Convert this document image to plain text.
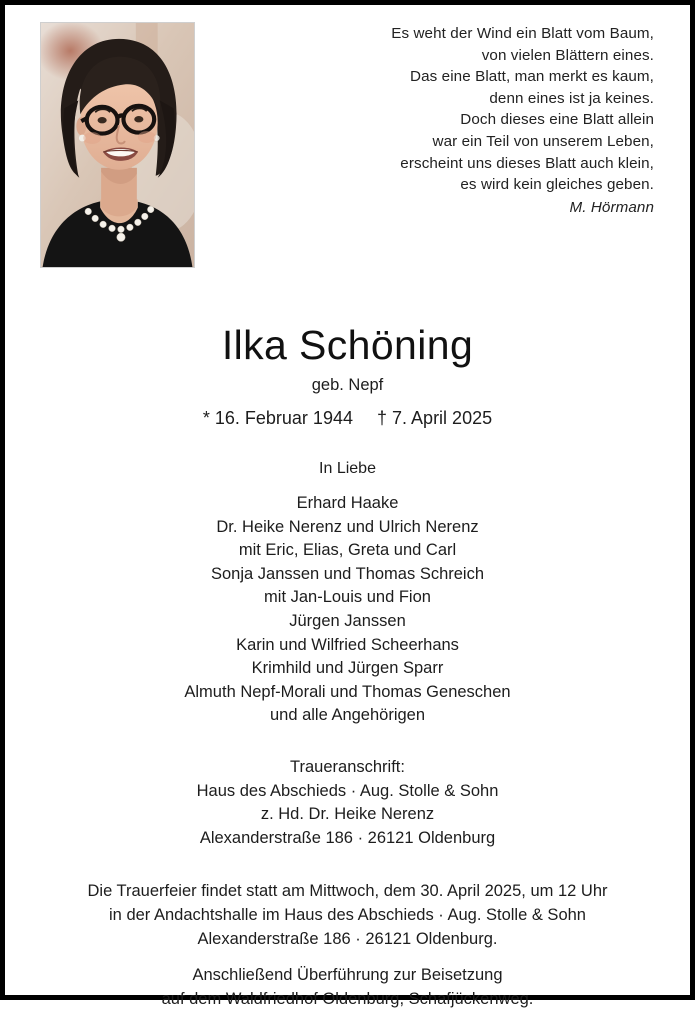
Es weht der Wind ein Blatt vom Baum,
von vielen Blättern eines.
Das eine Blatt, man merkt es kaum,
denn eines ist ja keines.
Doch dieses eine Blatt allein
war ein Teil von unserem Leben,
erscheint uns dieses Blatt auch klein,
es wird kein gleiches geben.
M. Hörmann
Ilka Schöning
geb. Nepf
* 16. Februar 1944 † 7. April 2025
In Liebe
Erhard Haake
Dr. Heike Nerenz und Ulrich Nerenz
mit Eric, Elias, Greta und Carl
Sonja Janssen und Thomas Schreich
mit Jan-Louis und Fion
Jürgen Janssen
Karin und Wilfried Scheerhans
Krimhild und Jürgen Sparr
Almuth Nepf-Morali und Thomas Geneschen
und alle Angehörigen
Traueranschrift:
Haus des Abschieds · Aug. Stolle & Sohn
z. Hd. Dr. Heike Nerenz
Alexanderstraße 186 · 26121 Oldenburg
Die Trauerfeier findet statt am Mittwoch, dem 30. April 2025, um 12 Uhr
in der Andachtshalle im Haus des Abschieds · Aug. Stolle & Sohn
Alexanderstraße 186 · 26121 Oldenburg.
Anschließend Überführung zur Beisetzung
auf dem Waldfriedhof Oldenburg, Schafjückenweg.
